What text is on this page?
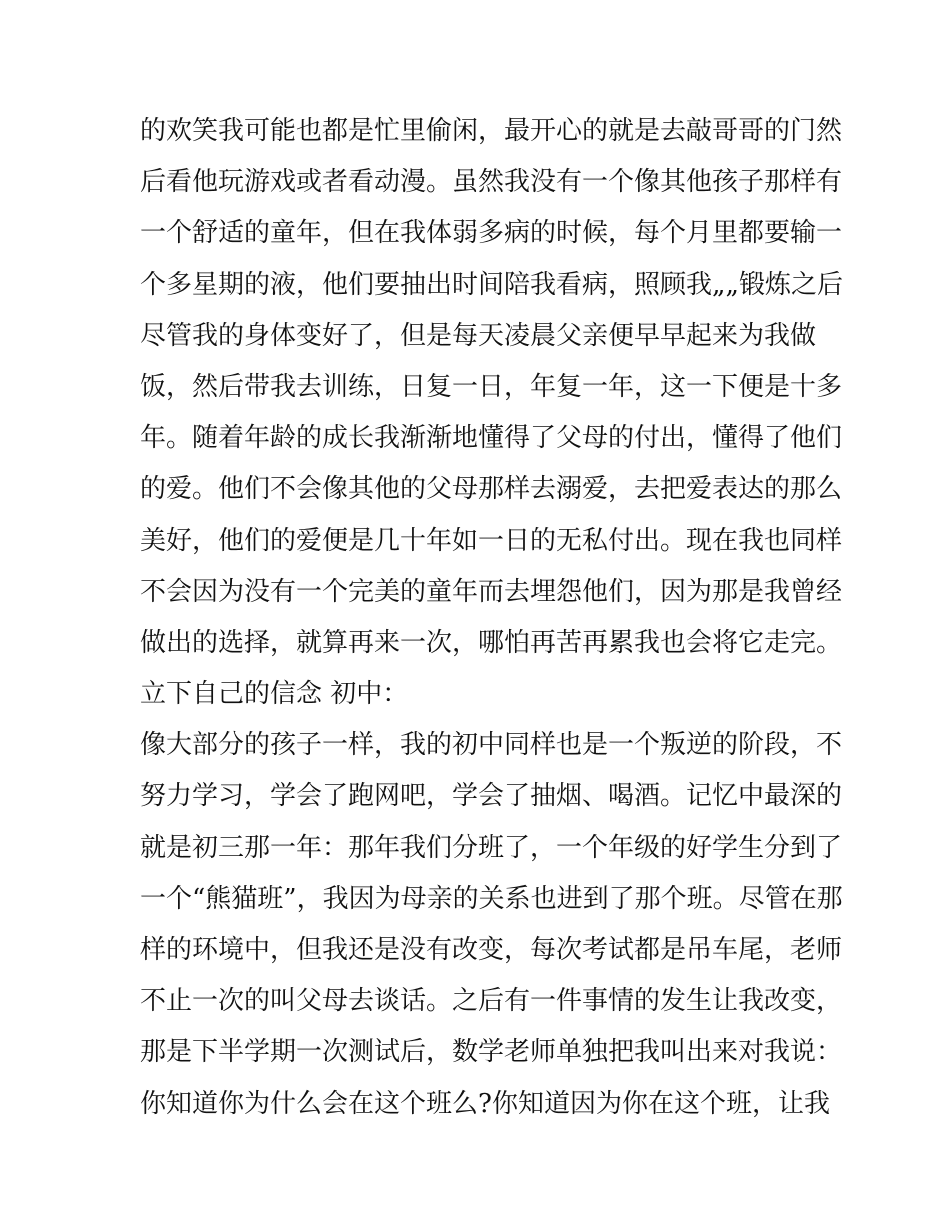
的欢笑我可能也都是忙里偷闲，最开心的就是去敲哥哥的门然
后看他玩游戏或者看动漫。虽然我没有一个像其他孩子那样有
一个舒适的童年，但在我体弱多病的时候，每个月里都要输一
个多星期的液，他们要抽出时间陪我看病，照顾我„„锻炼之后
尽管我的身体变好了，但是每天凌晨父亲便早早起来为我做
饭，然后带我去训练，日复一日，年复一年，这一下便是十多
年。随着年龄的成长我渐渐地懂得了父母的付出，懂得了他们
的爱。他们不会像其他的父母那样去溺爱，去把爱表达的那么
美好，他们的爱便是几十年如一日的无私付出。现在我也同样
不会因为没有一个完美的童年而去埋怨他们，因为那是我曾经
做出的选择，就算再来一次，哪怕再苦再累我也会将它走完。
立下自己的信念 初中：
像大部分的孩子一样，我的初中同样也是一个叛逆的阶段，不
努力学习，学会了跑网吧，学会了抽烟、喝酒。记忆中最深的
就是初三那一年：那年我们分班了，一个年级的好学生分到了
一个“熊猫班”，我因为母亲的关系也进到了那个班。尽管在那
样的环境中，但我还是没有改变，每次考试都是吊车尾，老师
不止一次的叫父母去谈话。之后有一件事情的发生让我改变，
那是下半学期一次测试后，数学老师单独把我叫出来对我说：
你知道你为什么会在这个班么?你知道因为你在这个班，让我
